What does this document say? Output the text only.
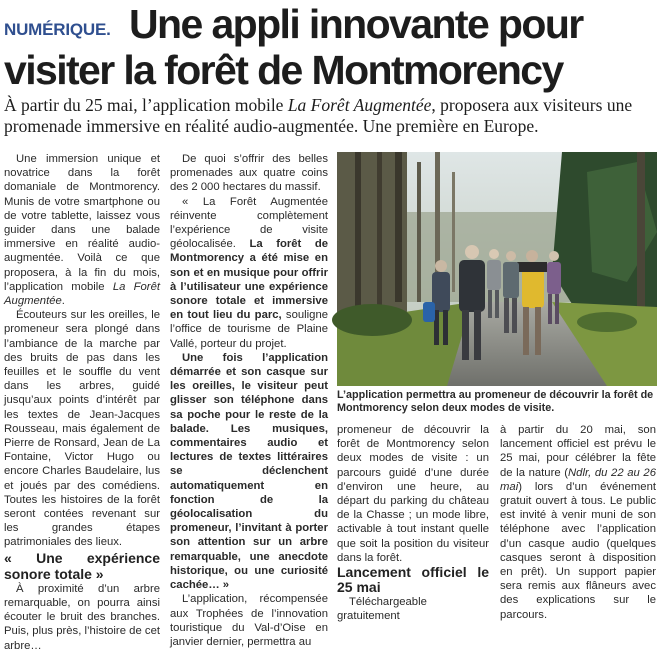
NUMÉRIQUE. Une appli innovante pour
visiter la forêt de Montmorency
À partir du 25 mai, l’application mobile La Forêt Augmentée, proposera aux visiteurs une promenade immersive en réalité audio-augmentée. Une première en Europe.

Une immersion unique et novatrice dans la forêt domaniale de Montmorency. Munis de votre smartphone ou de votre tablette, laissez vous guider dans une balade immersive en réalité audio-augmentée. Voilà ce que proposera, à la fin du mois, l’application mobile La Forêt Augmentée.

Écouteurs sur les oreilles, le promeneur sera plongé dans l’ambiance de la marche par des bruits de pas dans les feuilles et le souffle du vent dans les arbres, guidé jusqu’aux points d’intérêt par les textes de Jean-Jacques Rousseau, mais également de Pierre de Ronsard, Jean de La Fontaine, Victor Hugo ou encore Charles Baudelaire, lus et joués par des comédiens. Toutes les histoires de la forêt seront contées revenant sur les grandes étapes patrimoniales des lieux.

« Une expérience sonore totale »

À proximité d’un arbre remarquable, on pourra ainsi écouter le bruit des branches. Puis, plus près, l’histoire de cet arbre…

De quoi s’offrir des belles promenades aux quatre coins des 2 000 hectares du massif.

« La Forêt Augmentée réinvente complètement l’expérience de visite géolocalisée. La forêt de Montmorency a été mise en son et en musique pour offrir à l’utilisateur une expérience sonore totale et immersive en tout lieu du parc, souligne l’office de tourisme de Plaine Vallé, porteur du projet.

Une fois l’application démarrée et son casque sur les oreilles, le visiteur peut glisser son téléphone dans sa poche pour le reste de la balade. Les musiques, commentaires audio et lectures de textes littéraires se déclenchent automatiquement en fonction de la géolocalisation du promeneur, l’invitant à porter son attention sur un arbre remarquable, une anecdote historique, ou une curiosité cachée… »

L’application, récompensée aux Trophées de l’innovation touristique du Val-d’Oise en janvier dernier, permettra au

L’application permettra au promeneur de découvrir la forêt de Montmorency selon deux modes de visite.

promeneur de découvrir la forêt de Montmorency selon deux modes de visite : un parcours guidé d’une durée d’environ une heure, au départ du parking du château de la Chasse ; un mode libre, activable à tout instant quelle que soit la position du visiteur dans la forêt.

Lancement officiel le 25 mai

Téléchargeable gratuitement

à partir du 20 mai, son lancement officiel est prévu le 25 mai, pour célébrer la fête de la nature (Ndlr, du 22 au 26 mai) lors d’un événement gratuit ouvert à tous. Le public est invité à venir muni de son téléphone avec l’application d’un casque audio (quelques casques seront à disposition en prêt). Un support papier sera remis aux flâneurs avec des explications sur le parcours.
